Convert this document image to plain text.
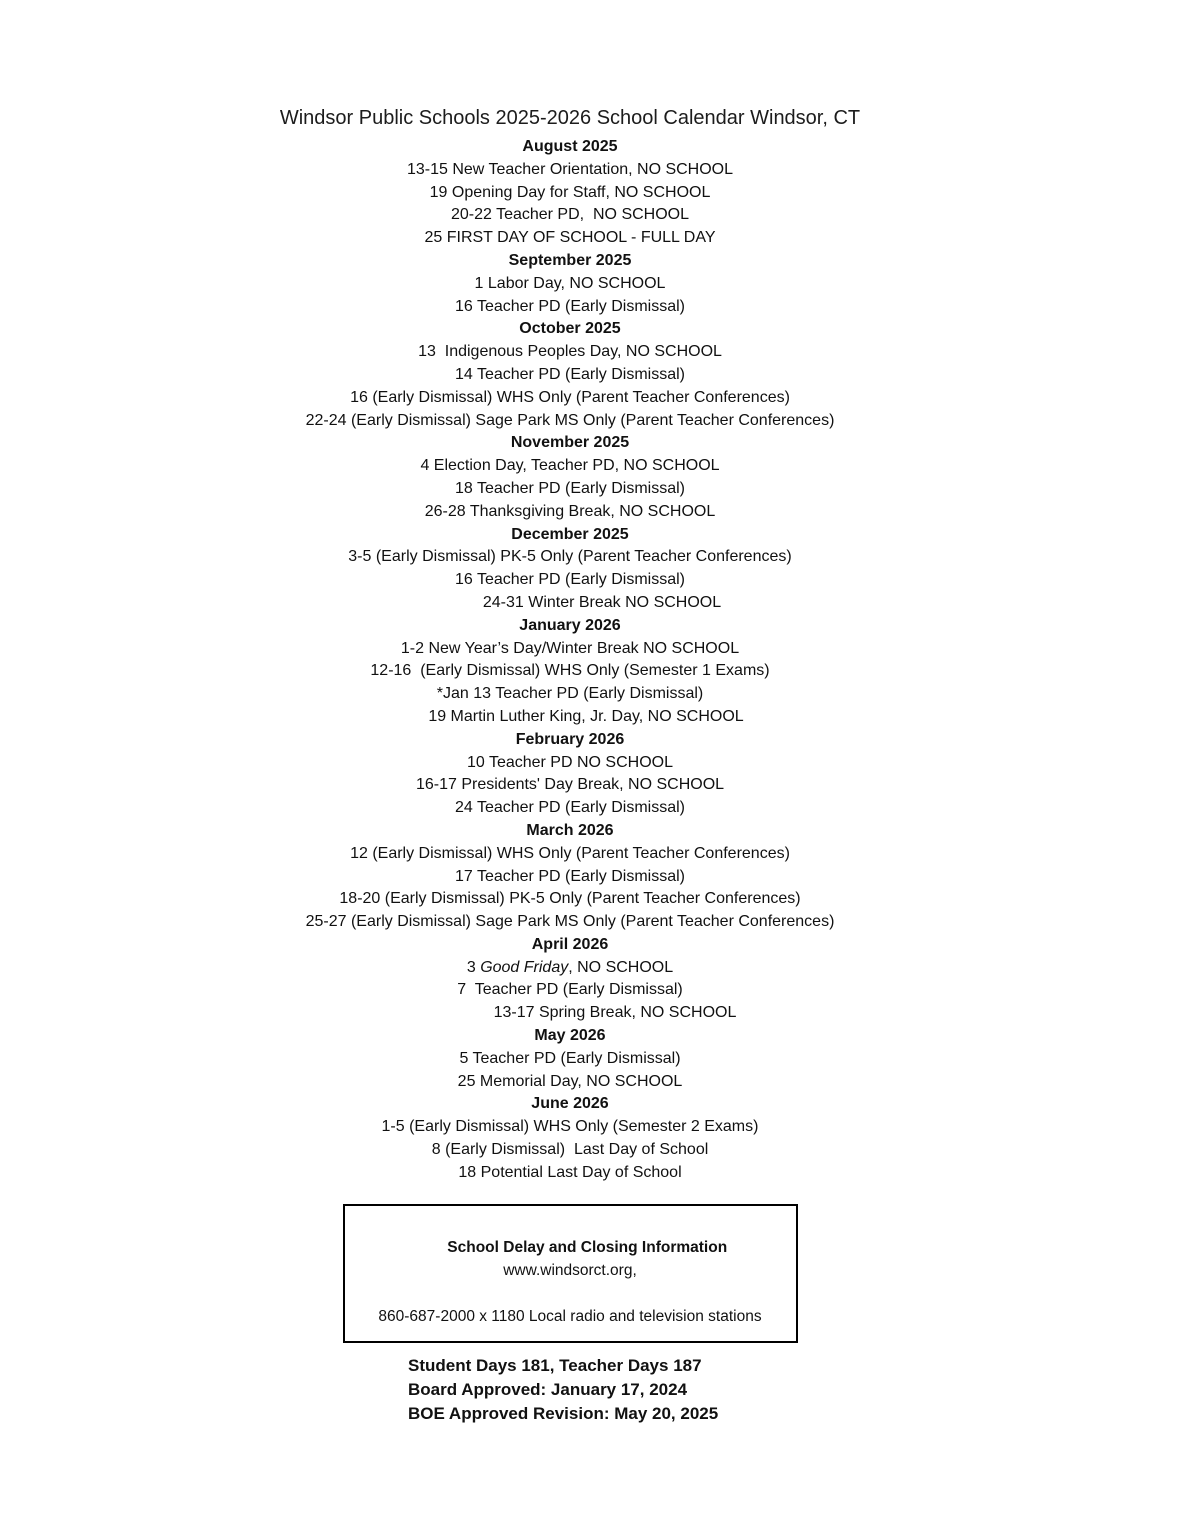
Windsor Public Schools 2025-2026 School Calendar Windsor, CT
August 2025
13-15 New Teacher Orientation, NO SCHOOL
19 Opening Day for Staff, NO SCHOOL
20-22 Teacher PD,  NO SCHOOL
25 FIRST DAY OF SCHOOL - FULL DAY
September 2025
1 Labor Day, NO SCHOOL
16 Teacher PD (Early Dismissal)
October 2025
13  Indigenous Peoples Day, NO SCHOOL
14 Teacher PD (Early Dismissal)
16 (Early Dismissal) WHS Only (Parent Teacher Conferences)
22-24 (Early Dismissal) Sage Park MS Only (Parent Teacher Conferences)
November 2025
4 Election Day, Teacher PD, NO SCHOOL
18 Teacher PD (Early Dismissal)
26-28 Thanksgiving Break, NO SCHOOL
December 2025
3-5 (Early Dismissal) PK-5 Only (Parent Teacher Conferences)
16 Teacher PD (Early Dismissal)
24-31 Winter Break NO SCHOOL
January 2026
1-2 New Year’s Day/Winter Break NO SCHOOL
12-16  (Early Dismissal) WHS Only (Semester 1 Exams)
*Jan 13 Teacher PD (Early Dismissal)
19 Martin Luther King, Jr. Day, NO SCHOOL
February 2026
10 Teacher PD NO SCHOOL
16-17 Presidents' Day Break, NO SCHOOL
24 Teacher PD (Early Dismissal)
March 2026
12 (Early Dismissal) WHS Only (Parent Teacher Conferences)
17 Teacher PD (Early Dismissal)
18-20 (Early Dismissal) PK-5 Only (Parent Teacher Conferences)
25-27 (Early Dismissal) Sage Park MS Only (Parent Teacher Conferences)
April 2026
3 Good Friday, NO SCHOOL
7  Teacher PD (Early Dismissal)
13-17 Spring Break, NO SCHOOL
May 2026
5 Teacher PD (Early Dismissal)
25 Memorial Day, NO SCHOOL
June 2026
1-5 (Early Dismissal) WHS Only (Semester 2 Exams)
8 (Early Dismissal)  Last Day of School
18 Potential Last Day of School

School Delay and Closing Information www.windsorct.org,

860-687-2000 x 1180 Local radio and television stations
Student Days 181, Teacher Days 187
Board Approved: January 17, 2024
BOE Approved Revision: May 20, 2025
